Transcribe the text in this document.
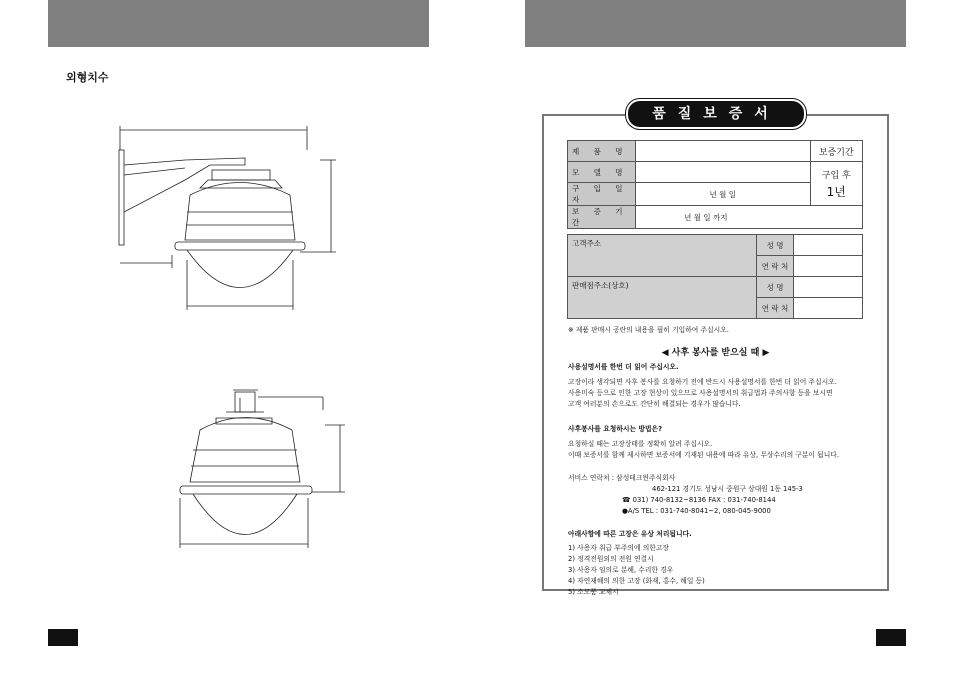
외형치수
품질보증서
제 품 명		보증기간
모 델 명		구입 후
1년

구 입 일 자	년 월 일	
보 증 기 간	년 월 일 까지	
고객주소	성 명	
	연 락 처	
판매점주소(상호)	성 명	
	연 락 처	
※ 제품 판매시 공란의 내용을 필히 기입하여 주십시오.
◀ 사후 봉사를 받으실 때 ▶
사용설명서를 한번 더 읽어 주십시오.
고장이라 생각되면 사후 봉사를 요청하기 전에 반드시 사용설명서를 한번 더 읽어 주십시오.
사용미숙 등으로 인한 고장 현상이 있으므로 사용설명서의 취급법과 주의사항 등을 보시면
고객 여러분의 손으로도 간단히 해결되는 경우가 많습니다.
사후봉사를 요청하시는 방법은?
요청하실 때는 고장상태를 정확히 알려 주십시오.
이때 보증서를 함께 제시하면 보증서에 기재된 내용에 따라 유상, 무상수리의 구분이 됩니다.
서비스 연락처 : 삼성테크윈주식회사
462-121 경기도 성남시 중원구 상대원 1동 145-3
☎ 031) 740-8132~8136 FAX : 031-740-8144
●A/S TEL : 031-740-8041~2, 080-045-9000
아래사항에 따른 고장은 유상 처리됩니다.
1) 사용자 취급 부주의에 의한고장
2) 정격전원외의 전원 연결시
3) 사용자 임의로 분해, 수리한 경우
4) 자연재해의 의한 고장 (화재, 홍수, 해일 등)
5) 소모품 교체시
